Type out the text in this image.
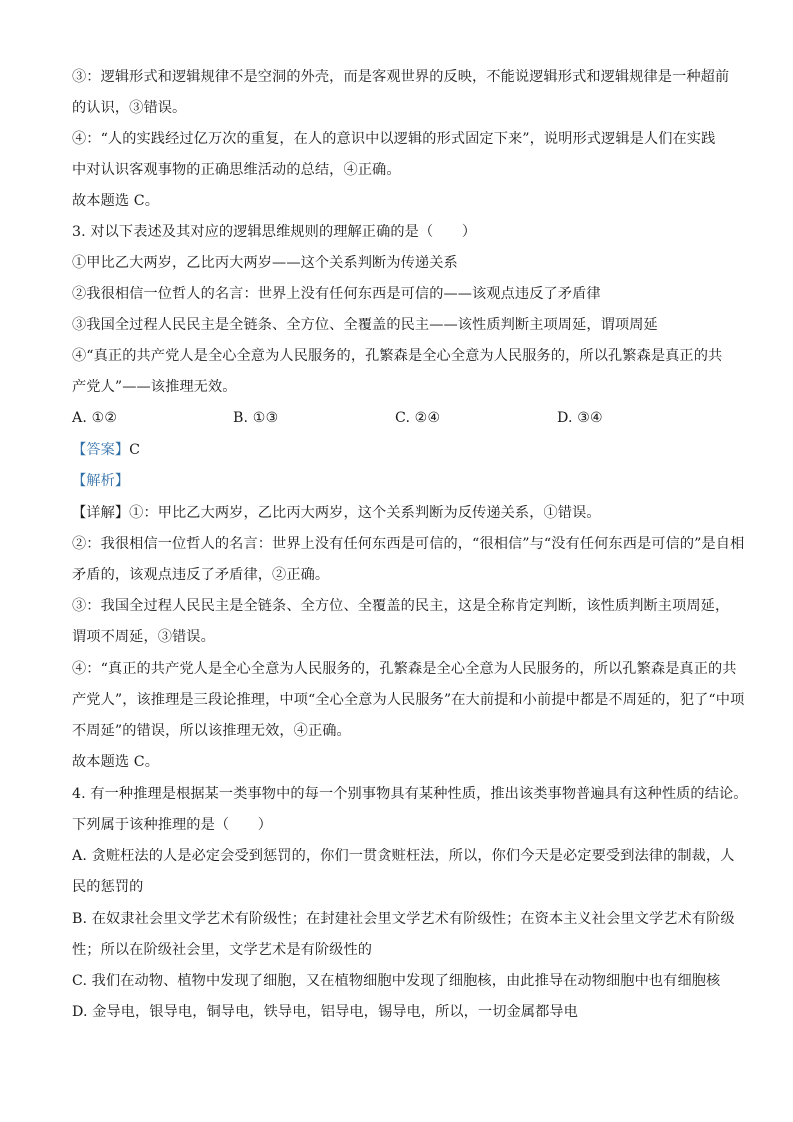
③：逻辑形式和逻辑规律不是空洞的外壳，而是客观世界的反映，不能说逻辑形式和逻辑规律是一种超前
的认识，③错误。
④：“人的实践经过亿万次的重复，在人的意识中以逻辑的形式固定下来”，说明形式逻辑是人们在实践
中对认识客观事物的正确思维活动的总结，④正确。
故本题选 C。
3. 对以下表述及其对应的逻辑思维规则的理解正确的是（　　）
①甲比乙大两岁，乙比丙大两岁——这个关系判断为传递关系
②我很相信一位哲人的名言：世界上没有任何东西是可信的——该观点违反了矛盾律
③我国全过程人民民主是全链条、全方位、全覆盖的民主——该性质判断主项周延，谓项周延
④“真正的共产党人是全心全意为人民服务的，孔繁森是全心全意为人民服务的，所以孔繁森是真正的共
产党人”——该推理无效。
A. ①②	B. ①③	C. ②④	D. ③④
【答案】C
【解析】
【详解】①：甲比乙大两岁，乙比丙大两岁，这个关系判断为反传递关系，①错误。
②：我很相信一位哲人的名言：世界上没有任何东西是可信的，“很相信”与“没有任何东西是可信的”是自相
矛盾的，该观点违反了矛盾律，②正确。
③：我国全过程人民民主是全链条、全方位、全覆盖的民主，这是全称肯定判断，该性质判断主项周延，
谓项不周延，③错误。
④：“真正的共产党人是全心全意为人民服务的，孔繁森是全心全意为人民服务的，所以孔繁森是真正的共
产党人”，该推理是三段论推理，中项“全心全意为人民服务”在大前提和小前提中都是不周延的，犯了“中项
不周延”的错误，所以该推理无效，④正确。
故本题选 C。
4. 有一种推理是根据某一类事物中的每一个别事物具有某种性质，推出该类事物普遍具有这种性质的结论。
下列属于该种推理的是（　　）
A. 贪赃枉法的人是必定会受到惩罚的，你们一贯贪赃枉法，所以，你们今天是必定要受到法律的制裁，人
民的惩罚的
B. 在奴隶社会里文学艺术有阶级性；在封建社会里文学艺术有阶级性；在资本主义社会里文学艺术有阶级
性；所以在阶级社会里，文学艺术是有阶级性的
C. 我们在动物、植物中发现了细胞，又在植物细胞中发现了细胞核，由此推导在动物细胞中也有细胞核
D. 金导电，银导电，铜导电，铁导电，铝导电，锡导电，所以，一切金属都导电
